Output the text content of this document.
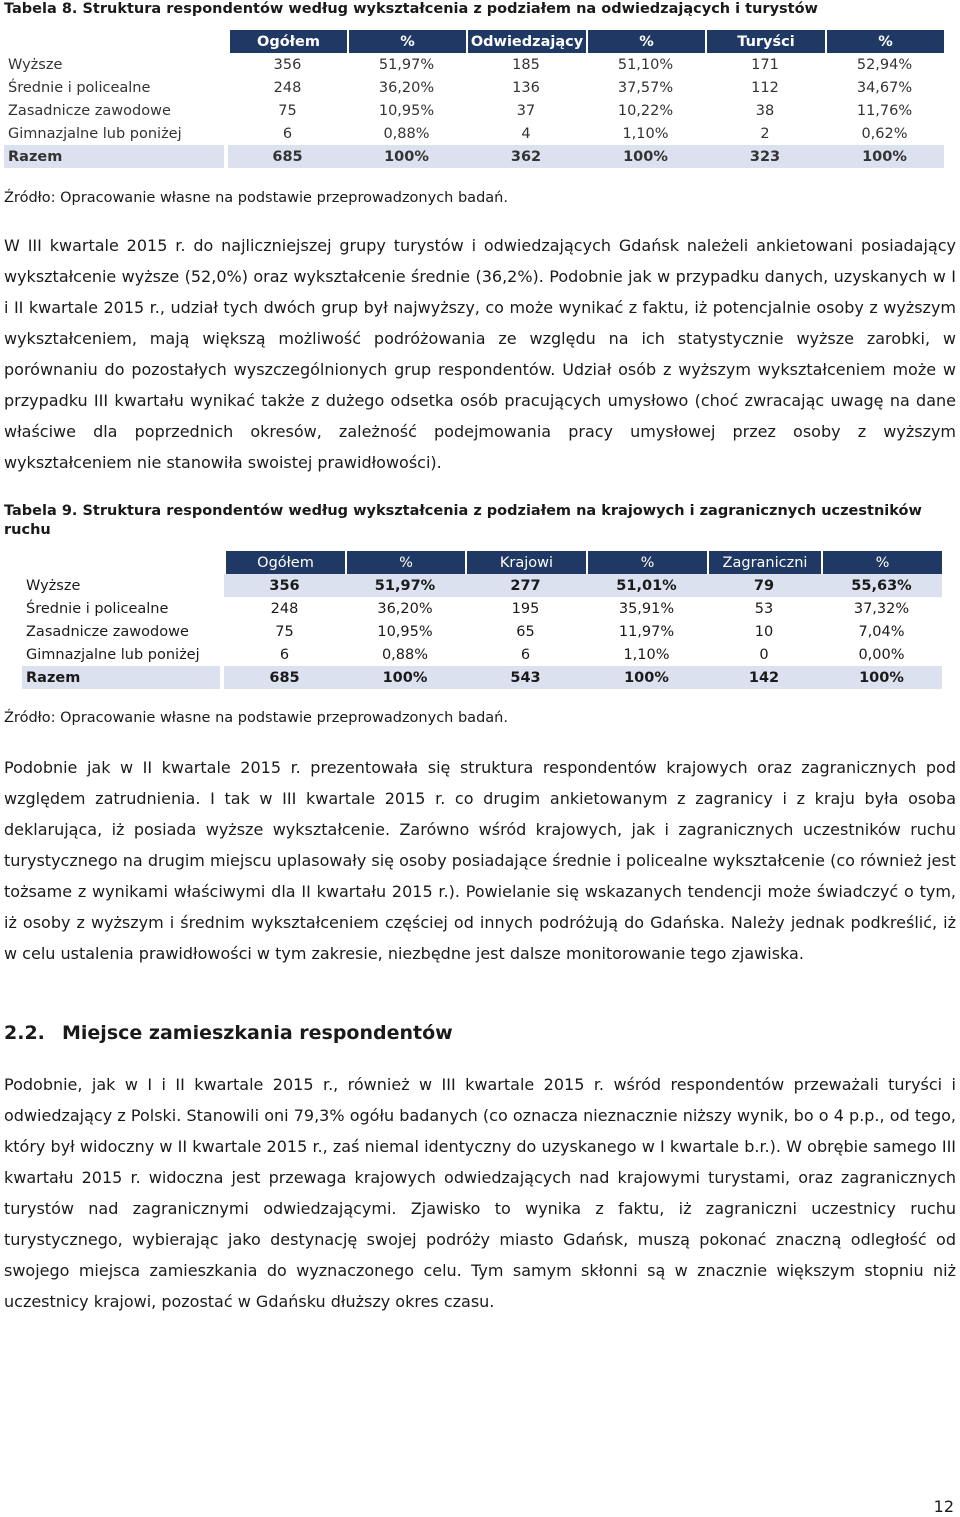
Tabela 8. Struktura respondentów według wykształcenia z podziałem na odwiedzających i turystów
	Ogółem	%	Odwiedzający	%	Turyści	%
Wyższe	356	51,97%	185	51,10%	171	52,94%
Średnie i policealne	248	36,20%	136	37,57%	112	34,67%
Zasadnicze zawodowe	75	10,95%	37	10,22%	38	11,76%
Gimnazjalne lub poniżej	6	0,88%	4	1,10%	2	0,62%
Razem	685	100%	362	100%	323	100%
Źródło: Opracowanie własne na podstawie przeprowadzonych badań.
W III kwartale 2015 r. do najliczniejszej grupy turystów i odwiedzających Gdańsk należeli ankietowani posiadający wykształcenie wyższe (52,0%) oraz wykształcenie średnie (36,2%). Podobnie jak w przypadku danych, uzyskanych w I i II kwartale 2015 r., udział tych dwóch grup był najwyższy, co może wynikać z faktu, iż potencjalnie osoby z wyższym wykształceniem, mają większą możliwość podróżowania ze względu na ich statystycznie wyższe zarobki, w porównaniu do pozostałych wyszczególnionych grup respondentów. Udział osób z wyższym wykształceniem może w przypadku III kwartału wynikać także z dużego odsetka osób pracujących umysłowo (choć zwracając uwagę na dane właściwe dla poprzednich okresów, zależność podejmowania pracy umysłowej przez osoby z wyższym wykształceniem nie stanowiła swoistej prawidłowości).
Tabela 9. Struktura respondentów według wykształcenia z podziałem na krajowych i zagranicznych uczestników ruchu
	Ogółem	%	Krajowi	%	Zagraniczni	%
Wyższe	356	51,97%	277	51,01%	79	55,63%
Średnie i policealne	248	36,20%	195	35,91%	53	37,32%
Zasadnicze zawodowe	75	10,95%	65	11,97%	10	7,04%
Gimnazjalne lub poniżej	6	0,88%	6	1,10%	0	0,00%
Razem	685	100%	543	100%	142	100%
Źródło: Opracowanie własne na podstawie przeprowadzonych badań.
Podobnie jak w II kwartale 2015 r. prezentowała się struktura respondentów krajowych oraz zagranicznych pod względem zatrudnienia. I tak w III kwartale 2015 r. co drugim ankietowanym z zagranicy i z kraju była osoba deklarująca, iż posiada wyższe wykształcenie. Zarówno wśród krajowych, jak i zagranicznych uczestników ruchu turystycznego na drugim miejscu uplasowały się osoby posiadające średnie i policealne wykształcenie (co również jest tożsame z wynikami właściwymi dla II kwartału 2015 r.). Powielanie się wskazanych tendencji może świadczyć o tym, iż osoby z wyższym i średnim wykształceniem częściej od innych podróżują do Gdańska. Należy jednak podkreślić, iż w celu ustalenia prawidłowości w tym zakresie, niezbędne jest dalsze monitorowanie tego zjawiska.
2.2. Miejsce zamieszkania respondentów
Podobnie, jak w I i II kwartale 2015 r., również w III kwartale 2015 r. wśród respondentów przeważali turyści i odwiedzający z Polski. Stanowili oni 79,3% ogółu badanych (co oznacza nieznacznie niższy wynik, bo o 4 p.p., od tego, który był widoczny w II kwartale 2015 r., zaś niemal identyczny do uzyskanego w I kwartale b.r.). W obrębie samego III kwartału 2015 r. widoczna jest przewaga krajowych odwiedzających nad krajowymi turystami, oraz zagranicznych turystów nad zagranicznymi odwiedzającymi. Zjawisko to wynika z faktu, iż zagraniczni uczestnicy ruchu turystycznego, wybierając jako destynację swojej podróży miasto Gdańsk, muszą pokonać znaczną odległość od swojego miejsca zamieszkania do wyznaczonego celu. Tym samym skłonni są w znacznie większym stopniu niż uczestnicy krajowi, pozostać w Gdańsku dłuższy okres czasu.
12
